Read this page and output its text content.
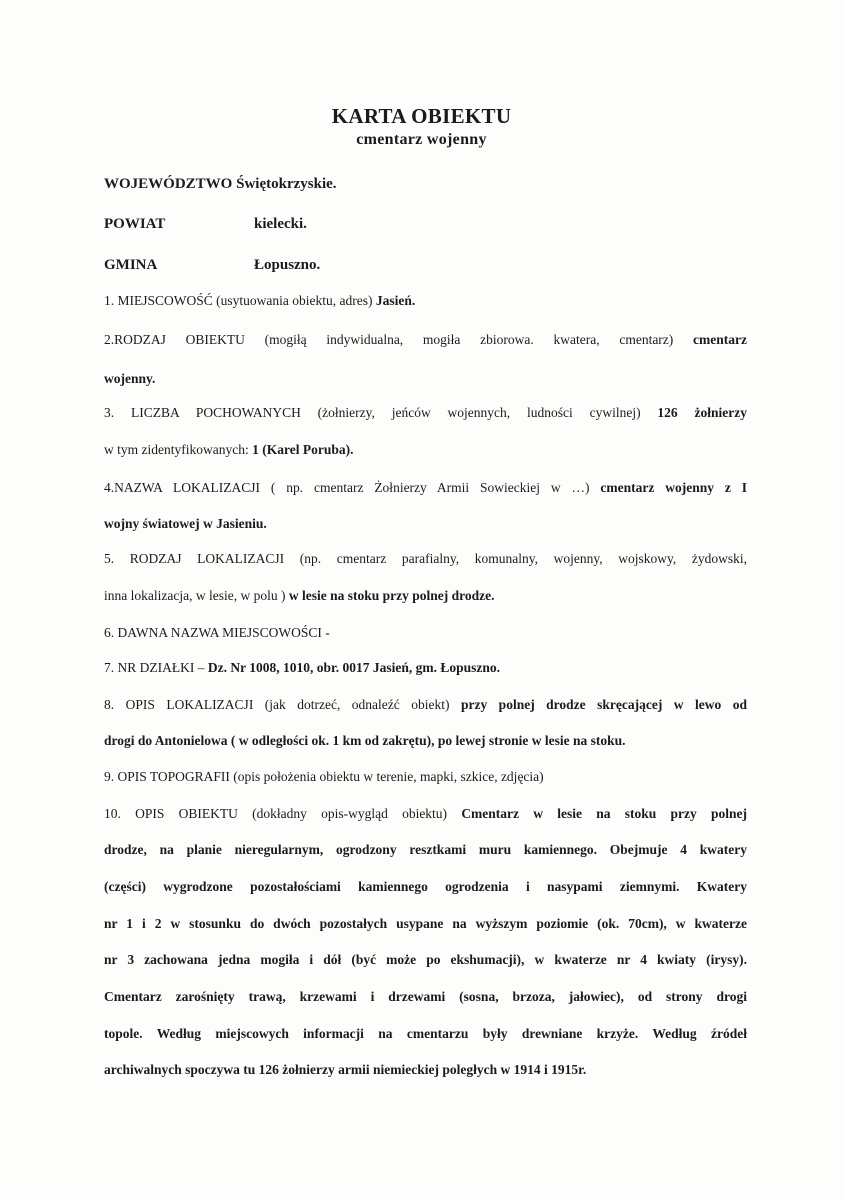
KARTA OBIEKTU
cmentarz wojenny
WOJEWÓDZTWO Świętokrzyskie.
POWIAT	kielecki.
GMINA	Łopuszno.
1. MIEJSCOWOŚĆ (usytuowania obiektu, adres) Jasień.
2.RODZAJ OBIEKTU (mogiłą indywidualna, mogiła zbiorowa. kwatera, cmentarz) cmentarz
wojenny.
3. LICZBA POCHOWANYCH (żołnierzy, jeńców wojennych, ludności cywilnej) 126 żołnierzy
w tym zidentyfikowanych: 1 (Karel Poruba).
4.NAZWA LOKALIZACJI ( np. cmentarz Żołnierzy Armii Sowieckiej w …) cmentarz wojenny z I
wojny światowej w Jasieniu.
5. RODZAJ LOKALIZACJI (np. cmentarz parafialny, komunalny, wojenny, wojskowy, żydowski,
inna lokalizacja, w lesie, w polu ) w lesie na stoku przy polnej drodze.
6. DAWNA NAZWA MIEJSCOWOŚCI -
7. NR DZIAŁKI – Dz. Nr 1008, 1010, obr. 0017 Jasień, gm. Łopuszno.
8. OPIS LOKALIZACJI (jak dotrzeć, odnaleźć obiekt) przy polnej drodze skręcającej w lewo od
drogi do Antonielowa ( w odległości ok. 1 km od zakrętu), po lewej stronie w lesie na stoku.
9. OPIS TOPOGRAFII (opis położenia obiektu w terenie, mapki, szkice, zdjęcia)
10. OPIS OBIEKTU (dokładny opis-wygląd obiektu) Cmentarz w lesie na stoku przy polnej
drodze, na planie nieregularnym, ogrodzony resztkami muru kamiennego. Obejmuje 4 kwatery
(części) wygrodzone pozostałościami kamiennego ogrodzenia i nasypami ziemnymi. Kwatery
nr 1 i 2 w stosunku do dwóch pozostałych usypane na wyższym poziomie (ok. 70cm), w kwaterze
nr 3 zachowana jedna mogiła i dół (być może po ekshumacji), w kwaterze nr 4 kwiaty (irysy).
Cmentarz zarośnięty trawą, krzewami i drzewami (sosna, brzoza, jałowiec), od strony drogi
topole. Według miejscowych informacji na cmentarzu były drewniane krzyże. Według źródeł
archiwalnych spoczywa tu 126 żołnierzy armii niemieckiej poległych w 1914 i 1915r.
